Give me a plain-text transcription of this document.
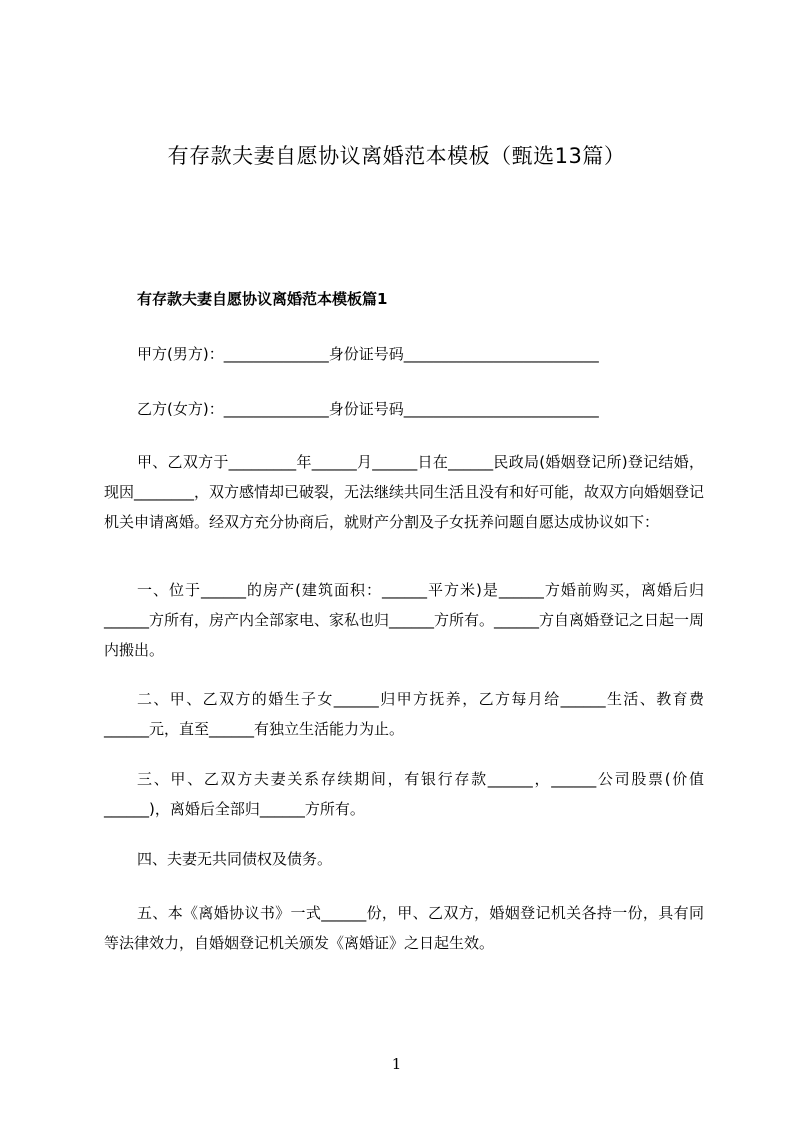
有存款夫妻自愿协议离婚范本模板（甄选13篇）
有存款夫妻自愿协议离婚范本模板篇1
甲方(男方)：______________身份证号码__________________________
乙方(女方)：______________身份证号码__________________________
甲、乙双方于_________年______月______日在______民政局(婚姻登记所)登记结婚，现因________，双方感情却已破裂，无法继续共同生活且没有和好可能，故双方向婚姻登记机关申请离婚。经双方充分协商后，就财产分割及子女抚养问题自愿达成协议如下：
一、位于______的房产(建筑面积：______平方米)是______方婚前购买，离婚后归______方所有，房产内全部家电、家私也归______方所有。______方自离婚登记之日起一周内搬出。
二、甲、乙双方的婚生子女______归甲方抚养，乙方每月给______生活、教育费______元，直至______有独立生活能力为止。
三、甲、乙双方夫妻关系存续期间，有银行存款______，______公司股票(价值______)，离婚后全部归______方所有。
四、夫妻无共同债权及债务。
五、本《离婚协议书》一式______份，甲、乙双方，婚姻登记机关各持一份，具有同等法律效力，自婚姻登记机关颁发《离婚证》之日起生效。
1
